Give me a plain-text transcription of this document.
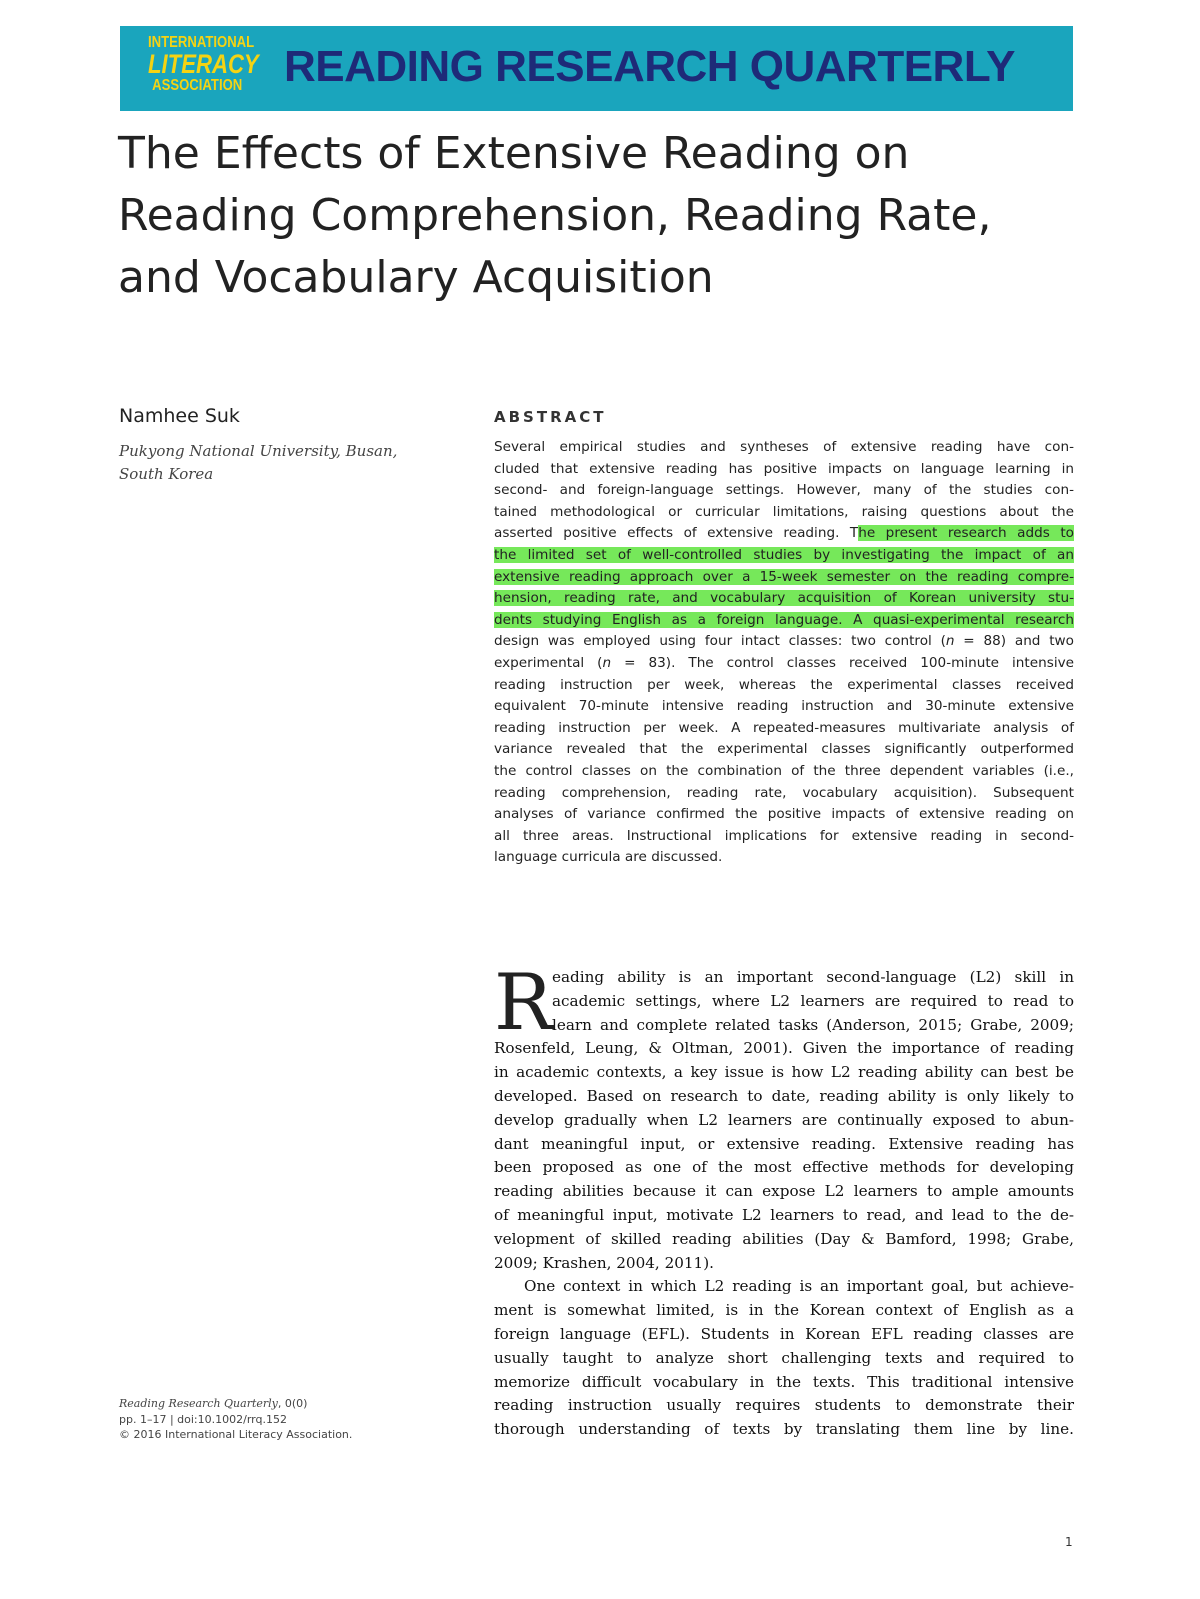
INTERNATIONAL
LITERACY
ASSOCIATION READING RESEARCH QUARTERLY
The Effects of Extensive Reading on
Reading Comprehension, Reading Rate,
and Vocabulary Acquisition
Namhee Suk
Pukyong National University, Busan,
South Korea
ABSTRACT
Several empirical studies and syntheses of extensive reading have con-
cluded that extensive reading has positive impacts on language learning in
second- and foreign-language settings. However, many of the studies con-
tained methodological or curricular limitations, raising questions about the
asserted positive effects of extensive reading. The present research adds to
the limited set of well-controlled studies by investigating the impact of an
extensive reading approach over a 15-week semester on the reading compre-
hension, reading rate, and vocabulary acquisition of Korean university stu-
dents studying English as a foreign language. A quasi-experimental research
design was employed using four intact classes: two control (n = 88) and two
experimental (n = 83). The control classes received 100-minute intensive
reading instruction per week, whereas the experimental classes received
equivalent 70-minute intensive reading instruction and 30-minute extensive
reading instruction per week. A repeated-measures multivariate analysis of
variance revealed that the experimental classes significantly outperformed
the control classes on the combination of the three dependent variables (i.e.,
reading comprehension, reading rate, vocabulary acquisition). Subsequent
analyses of variance confirmed the positive impacts of extensive reading on
all three areas. Instructional implications for extensive reading in second-
language curricula are discussed.
R eading ability is an important second-language (L2) skill in
academic settings, where L2 learners are required to read to
learn and complete related tasks (Anderson, 2015; Grabe, 2009;
Rosenfeld, Leung, & Oltman, 2001). Given the importance of reading
in academic contexts, a key issue is how L2 reading ability can best be
developed. Based on research to date, reading ability is only likely to
develop gradually when L2 learners are continually exposed to abun-
dant meaningful input, or extensive reading. Extensive reading has
been proposed as one of the most effective methods for developing
reading abilities because it can expose L2 learners to ample amounts
of meaningful input, motivate L2 learners to read, and lead to the de-
velopment of skilled reading abilities (Day & Bamford, 1998; Grabe,
2009; Krashen, 2004, 2011).
One context in which L2 reading is an important goal, but achieve-
ment is somewhat limited, is in the Korean context of English as a
foreign language (EFL). Students in Korean EFL reading classes are
usually taught to analyze short challenging texts and required to
memorize difficult vocabulary in the texts. This traditional intensive
reading instruction usually requires students to demonstrate their
thorough understanding of texts by translating them line by line.
Reading Research Quarterly, 0(0)
pp. 1–17 | doi:10.1002/rrq.152
© 2016 International Literacy Association.
1
